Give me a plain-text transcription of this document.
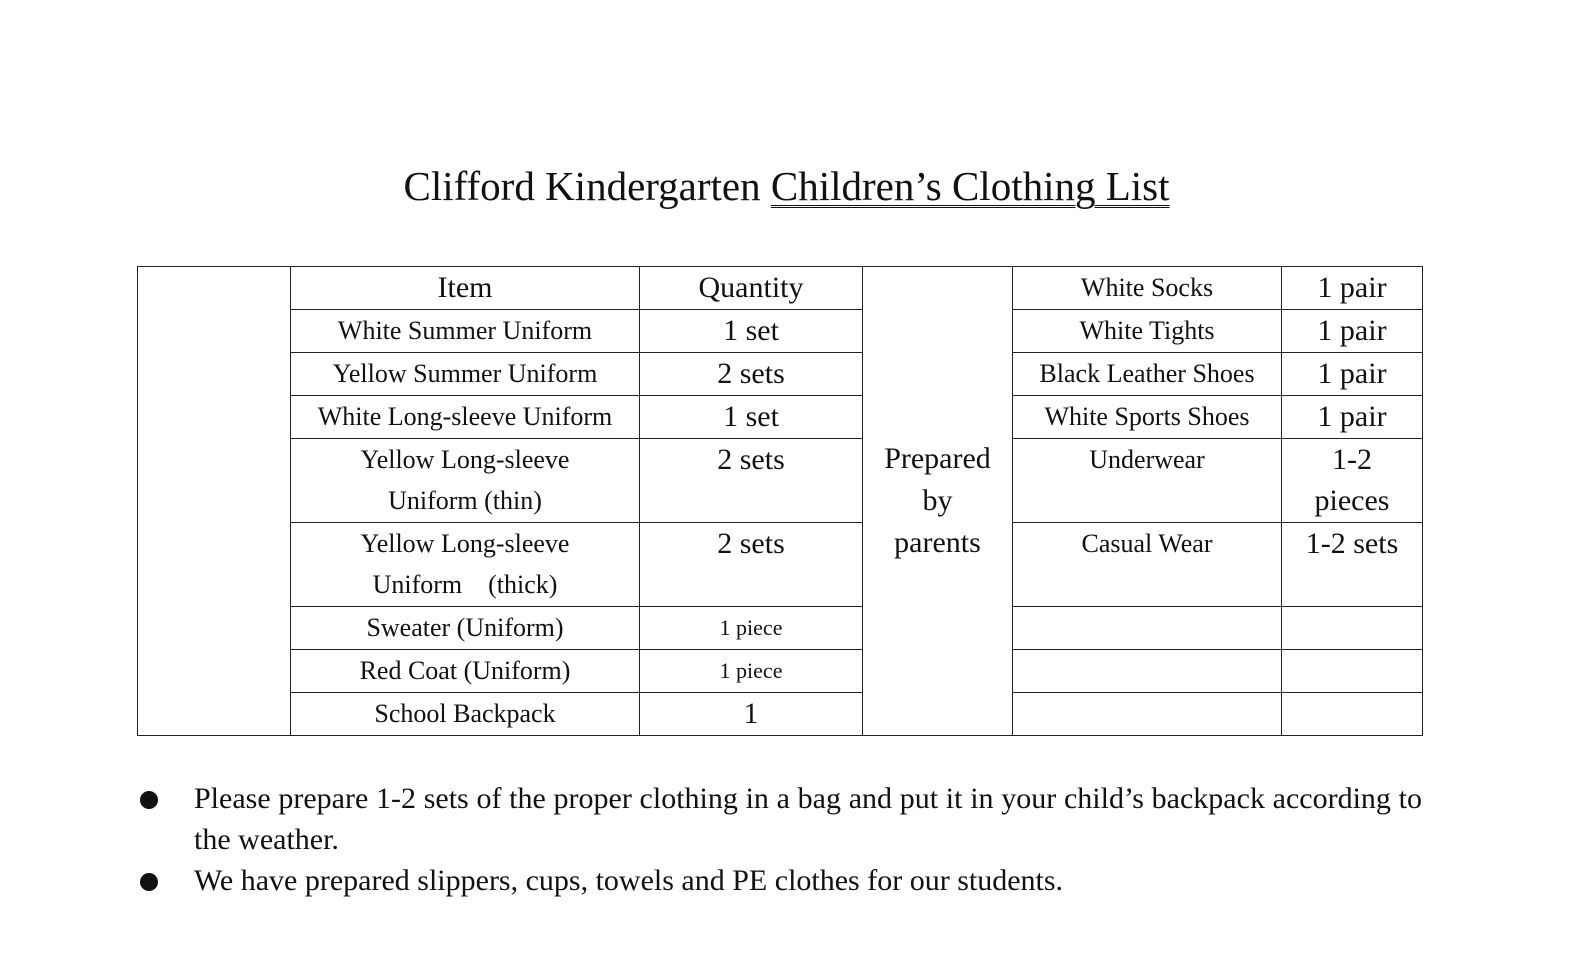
Clifford Kindergarten Children’s Clothing List
	Item	Quantity	Prepared by parents	White Socks	1 pair
	White Summer Uniform	1 set		White Tights	1 pair
	Yellow Summer Uniform	2 sets		Black Leather Shoes	1 pair
	White Long-sleeve Uniform	1 set		White Sports Shoes	1 pair

	Yellow Long-sleeve Uniform (thin)	2 sets		Underwear	1-2 pieces

	Yellow Long-sleeve Uniform　(thick)	2 sets		Casual Wear	1-2 sets
	Sweater (Uniform)	1 piece			
	Red Coat (Uniform)	1 piece			
	School Backpack	1			
Please prepare 1-2 sets of the proper clothing in a bag and put it in your child’s backpack according to the weather.
We have prepared slippers, cups, towels and PE clothes for our students.
